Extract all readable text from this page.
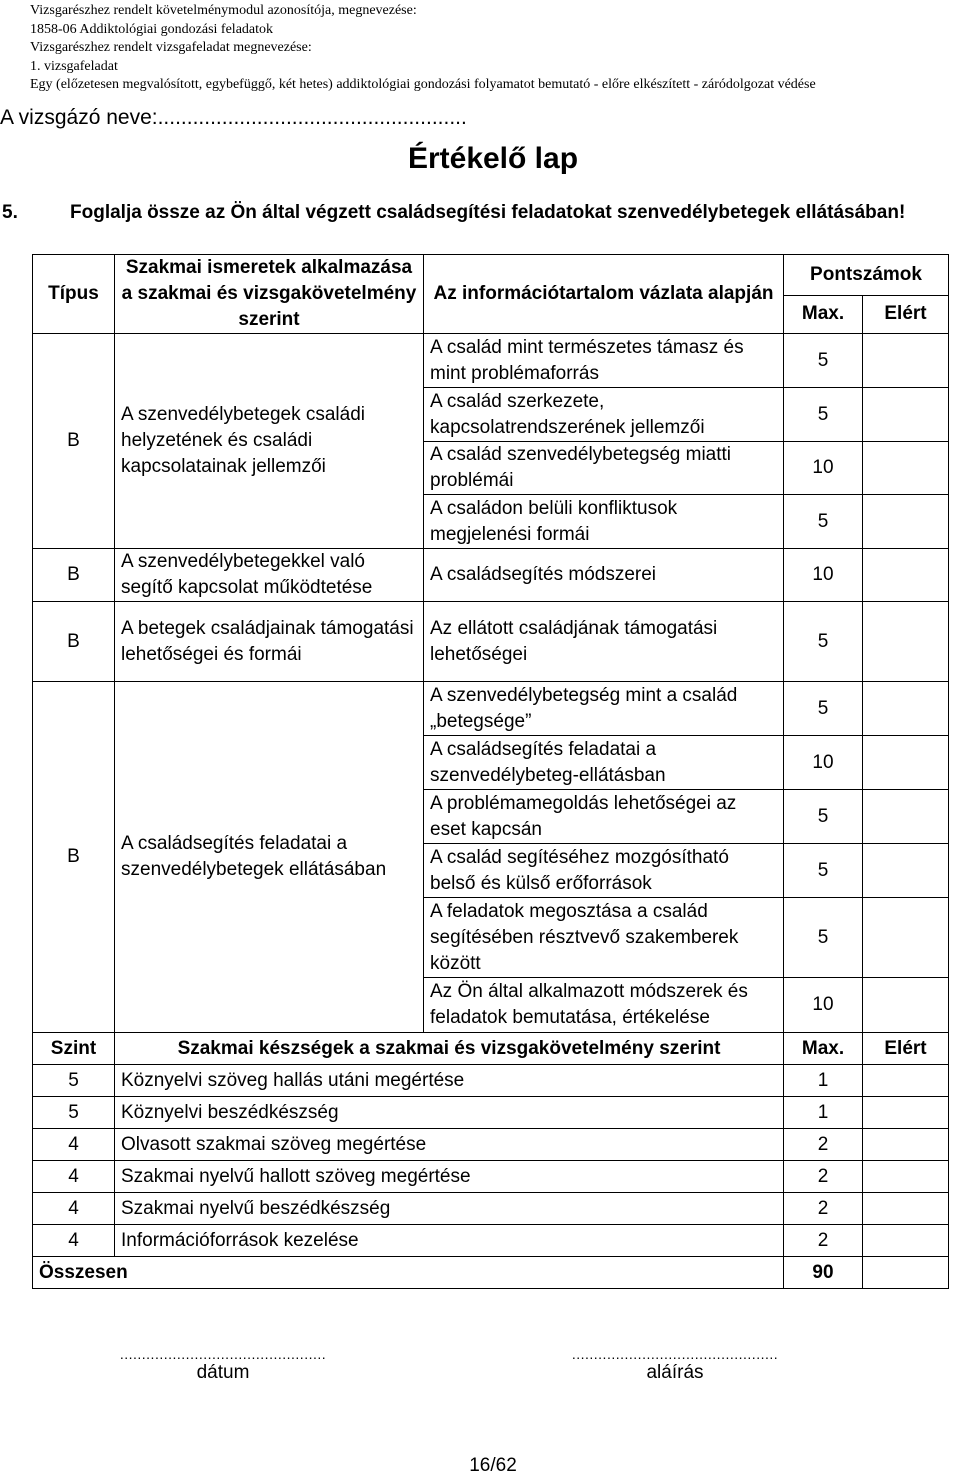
Vizsgarészhez rendelt követelménymodul azonosítója, megnevezése:
1858-06 Addiktológiai gondozási feladatok
Vizsgarészhez rendelt vizsgafeladat megnevezése:
1. vizsgafeladat
Egy (előzetesen megvalósított, egybefüggő, két hetes) addiktológiai gondozási folyamatot bemutató - előre elkészített - záródolgozat védése
A vizsgázó neve:.....................................................
Értékelő lap
5.	Foglalja össze az Ön által végzett családsegítési feladatokat szenvedélybetegek ellátásában!
Típus	Szakmai ismeretek alkalmazása a szakmai és vizsgakövetelmény szerint	Az információtartalom vázlata alapján	Pontszámok	
			Max.	Elért
B	A szenvedélybetegek családi helyzetének és családi kapcsolatainak jellemzői	A család mint természetes támasz és mint problémaforrás	5	
		A család szerkezete, kapcsolatrendszerének jellemzői	5	
		A család szenvedélybetegség miatti problémái	10	
		A családon belüli konfliktusok megjelenési formái	5	
B	A szenvedélybetegekkel való segítő kapcsolat működtetése	A családsegítés módszerei	10	
B	A betegek családjainak támogatási lehetőségei és formái	Az ellátott családjának támogatási lehetőségei	5	
B	A családsegítés feladatai a szenvedélybetegek ellátásában	A szenvedélybetegség mint a család „betegsége”	5	
		A családsegítés feladatai a szenvedélybeteg-ellátásban	10	
		A problémamegoldás lehetőségei az eset kapcsán	5	
		A család segítéséhez mozgósítható belső és külső erőforrások	5	
		A feladatok megosztása a család segítésében résztvevő szakemberek között	5	
		Az Ön által alkalmazott módszerek és feladatok bemutatása, értékelése	10	
Szint	Szakmai készségek a szakmai és vizsgakövetelmény szerint		Max.	Elért
5	Köznyelvi szöveg hallás utáni megértése		1	
5	Köznyelvi beszédkészség		1	
4	Olvasott szakmai szöveg megértése		2	
4	Szakmai nyelvű hallott szöveg megértése		2	
4	Szakmai nyelvű beszédkészség		2	
4	Információforrások kezelése		2	
Összesen			90	
...............................................
dátum
...............................................
aláírás
16/62
